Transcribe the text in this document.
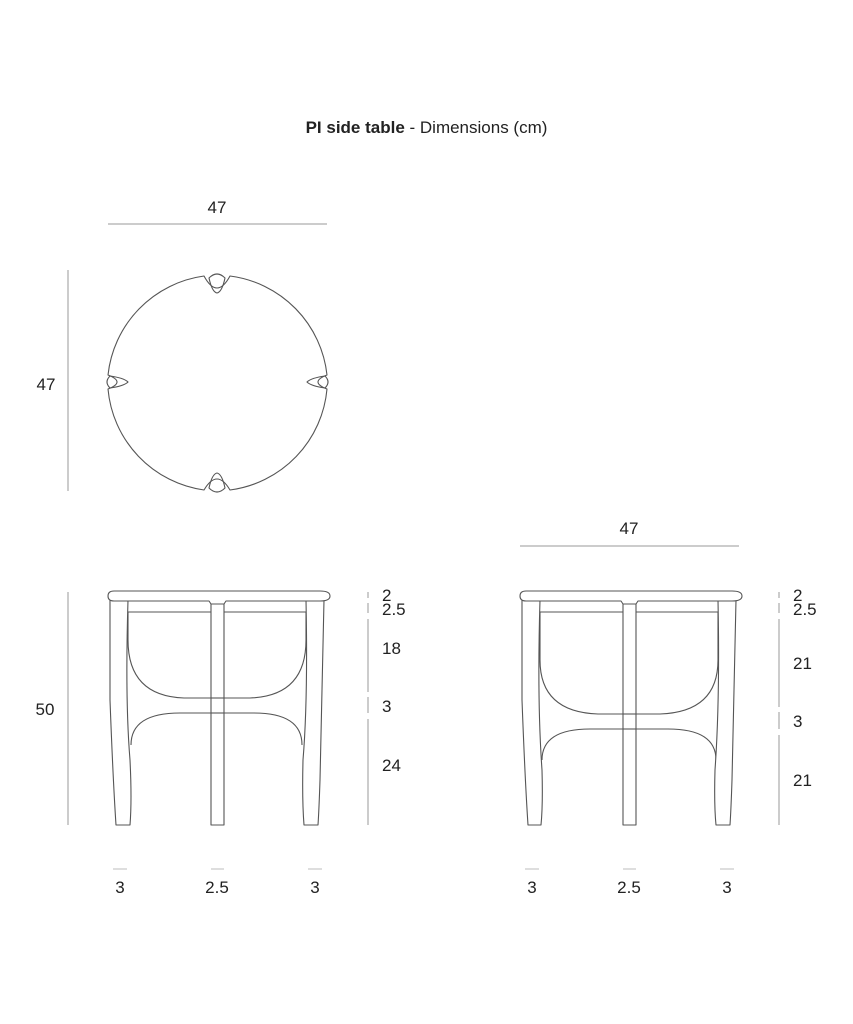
PI side table - Dimensions (cm)
47
47
50
2
2.5
18
3
24
3	2.5	3
47
2
2.5
21
3
21
3	2.5	3
